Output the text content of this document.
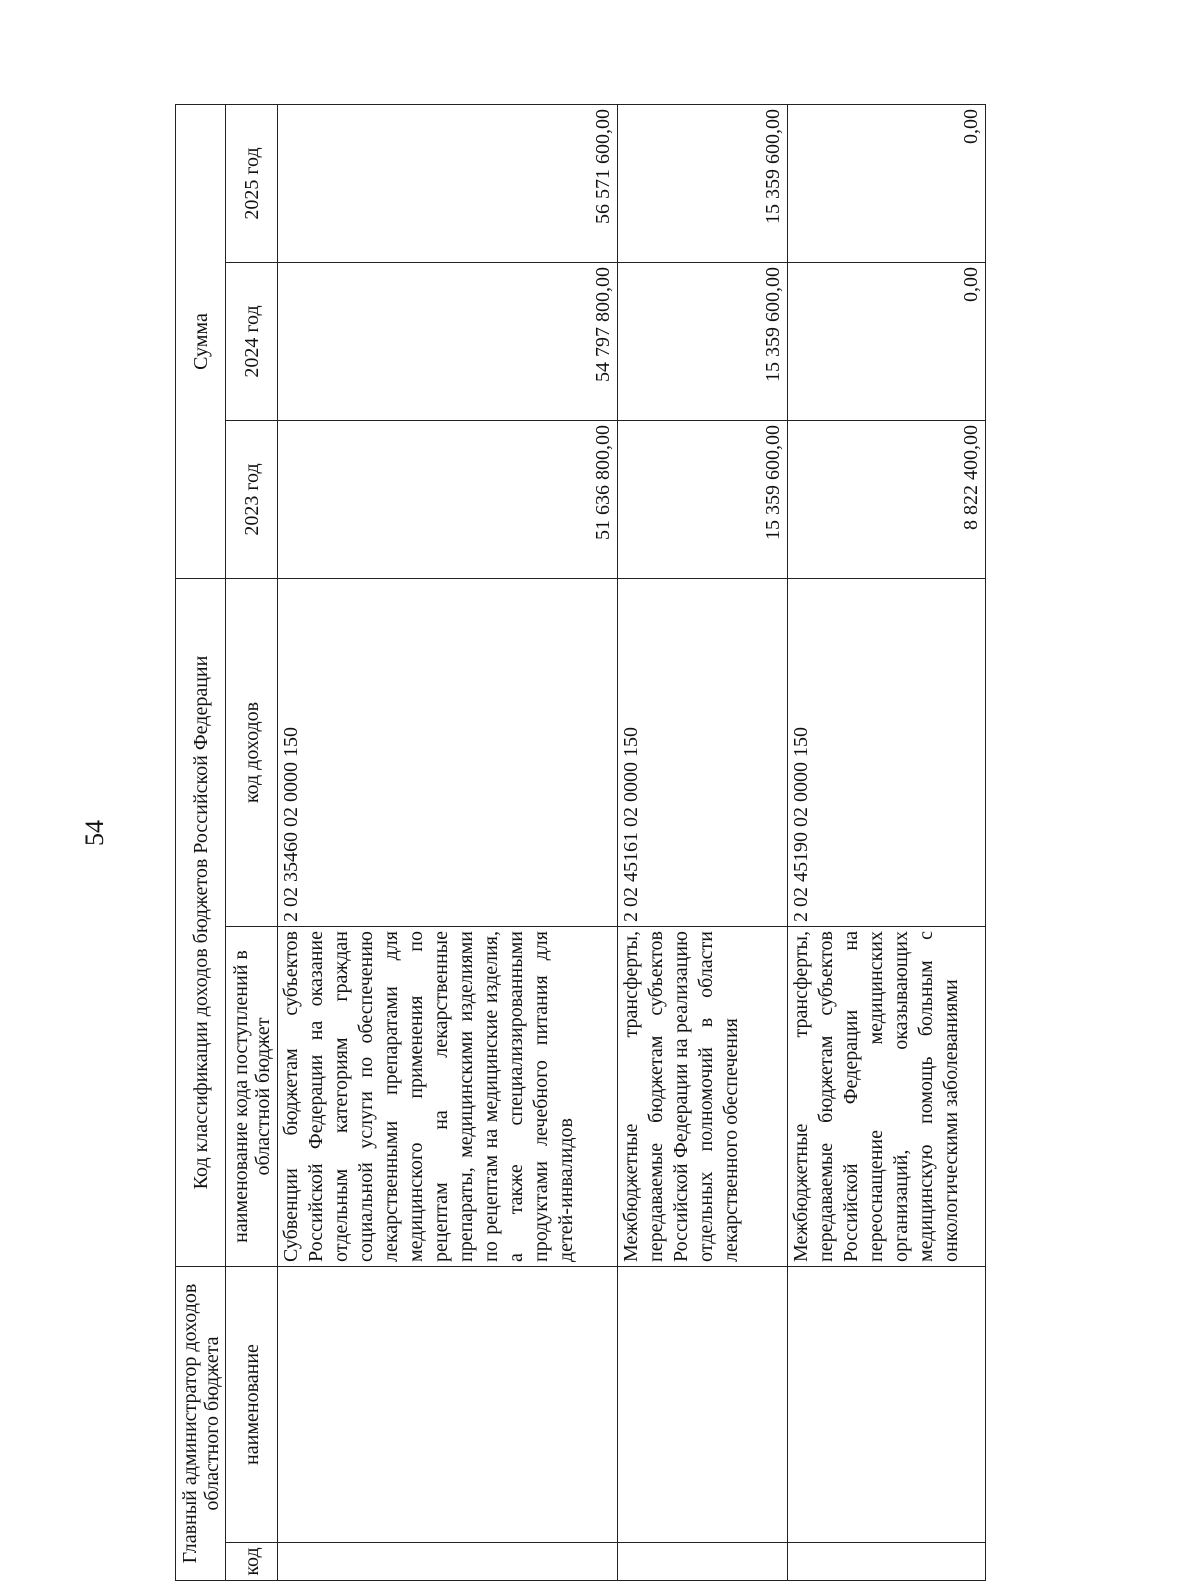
54
Главный администратор доходов областного бюджета		Код классификации доходов бюджетов Российской Федерации		Сумма		
код	наименование	наименование кода поступлений в областной бюджет	код доходов	2023 год	2024 год	2025 год
		Субвенции бюджетам субъектов Российской Федерации на оказание отдельным категориям граждан социальной услуги по обеспечению лекарственными препаратами для медицинского применения по рецептам на лекарственные препараты, медицинскими изделиями по рецептам на медицинские изделия, а также специализированными продуктами лечебного питания для детей-инвалидов	2 02 35460 02 0000 150	51 636 800,00	54 797 800,00	56 571 600,00
		Межбюджетные трансферты, передаваемые бюджетам субъектов Российской Федерации на реализацию отдельных полномочий в области лекарственного обеспечения	2 02 45161 02 0000 150	15 359 600,00	15 359 600,00	15 359 600,00
		Межбюджетные трансферты, передаваемые бюджетам субъектов Российской Федерации на переоснащение медицинских организаций, оказывающих медицинскую помощь больным с онкологическими заболеваниями	2 02 45190 02 0000 150	8 822 400,00	0,00	0,00
